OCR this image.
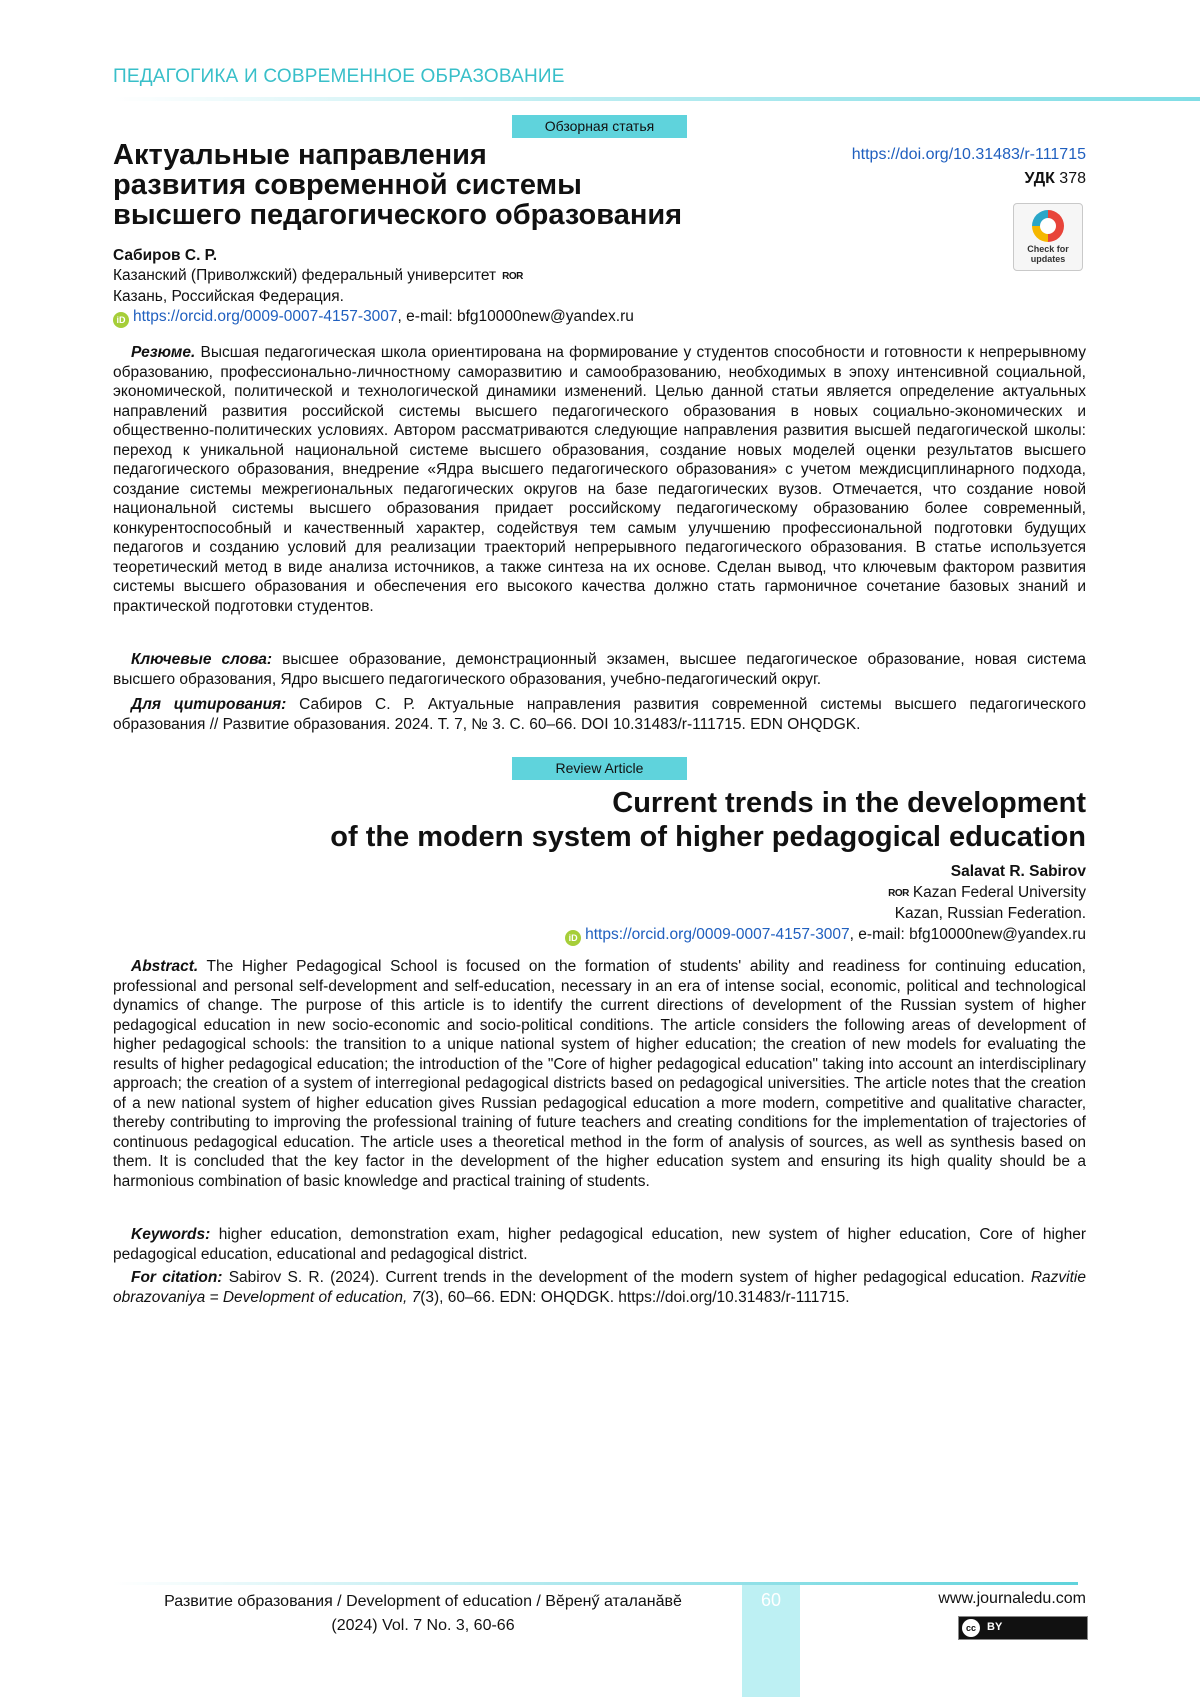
ПЕДАГОГИКА И СОВРЕМЕННОЕ ОБРАЗОВАНИЕ
Обзорная статья
Актуальные направления
развития современной системы
высшего педагогического образования
https://doi.org/10.31483/r-111715
УДК 378
Check for
updates
Сабиров С. Р.
Казанский (Приволжский) федеральный университет ROR
Казань, Российская Федерация.
iD https://orcid.org/0009-0007-4157-3007, e-mail: bfg10000new@yandex.ru
Резюме. Высшая педагогическая школа ориентирована на формирование у студентов способности и готовности к непрерывному образованию, профессионально-личностному саморазвитию и самообразованию, необходимых в эпоху интенсивной социальной, экономической, политической и технологической динамики изменений. Целью данной статьи является определение актуальных направлений развития российской системы высшего педагогического образования в новых социально-экономических и общественно-политических условиях. Автором рассматриваются следующие направления развития высшей педагогической школы: переход к уникальной национальной системе высшего образования, создание новых моделей оценки результатов высшего педагогического образования, внедрение «Ядра высшего педагогического образования» с учетом междисциплинарного подхода, создание системы межрегиональных педагогических округов на базе педагогических вузов. Отмечается, что создание новой национальной системы высшего образования придает российскому педагогическому образованию более современный, конкурентоспособный и качественный характер, содействуя тем самым улучшению профессиональной подготовки будущих педагогов и созданию условий для реализации траекторий непрерывного педагогического образования. В статье используется теоретический метод в виде анализа источников, а также синтеза на их основе. Сделан вывод, что ключевым фактором развития системы высшего образования и обеспечения его высокого качества должно стать гармоничное сочетание базовых знаний и практической подготовки студентов.
Ключевые слова: высшее образование, демонстрационный экзамен, высшее педагогическое образование, новая система высшего образования, Ядро высшего педагогического образования, учебно-педагогический округ.
Для цитирования: Сабиров С. Р. Актуальные направления развития современной системы высшего педагогического образования // Развитие образования. 2024. Т. 7, № 3. С. 60–66. DOI 10.31483/r-111715. EDN OHQDGK.
Review Article
Current trends in the development
of the modern system of higher pedagogical education
Salavat R. Sabirov
ROR Kazan Federal University
Kazan, Russian Federation.
iD https://orcid.org/0009-0007-4157-3007, e-mail: bfg10000new@yandex.ru
Abstract. The Higher Pedagogical School is focused on the formation of students' ability and readiness for continuing education, professional and personal self-development and self-education, necessary in an era of intense social, economic, political and technological dynamics of change. The purpose of this article is to identify the current directions of development of the Russian system of higher pedagogical education in new socio-economic and socio-political conditions. The article considers the following areas of development of higher pedagogical schools: the transition to a unique national system of higher education; the creation of new models for evaluating the results of higher pedagogical education; the introduction of the "Core of higher pedagogical education" taking into account an interdisciplinary approach; the creation of a system of interregional pedagogical districts based on pedagogical universities. The article notes that the creation of a new national system of higher education gives Russian pedagogical education a more modern, competitive and qualitative character, thereby contributing to improving the professional training of future teachers and creating conditions for the implementation of trajectories of continuous pedagogical education. The article uses a theoretical method in the form of analysis of sources, as well as synthesis based on them. It is concluded that the key factor in the development of the higher education system and ensuring its high quality should be a harmonious combination of basic knowledge and practical training of students.
Keywords: higher education, demonstration exam, higher pedagogical education, new system of higher education, Core of higher pedagogical education, educational and pedagogical district.
For citation: Sabirov S. R. (2024). Current trends in the development of the modern system of higher pedagogical education. Razvitie obrazovaniya = Development of education, 7(3), 60–66. EDN: OHQDGK. https://doi.org/10.31483/r-111715.
60
Развитие образования / Development of education / Вĕренӳ аталанăвĕ
(2024) Vol. 7 No. 3, 60-66
www.journaledu.com
cc	BY
